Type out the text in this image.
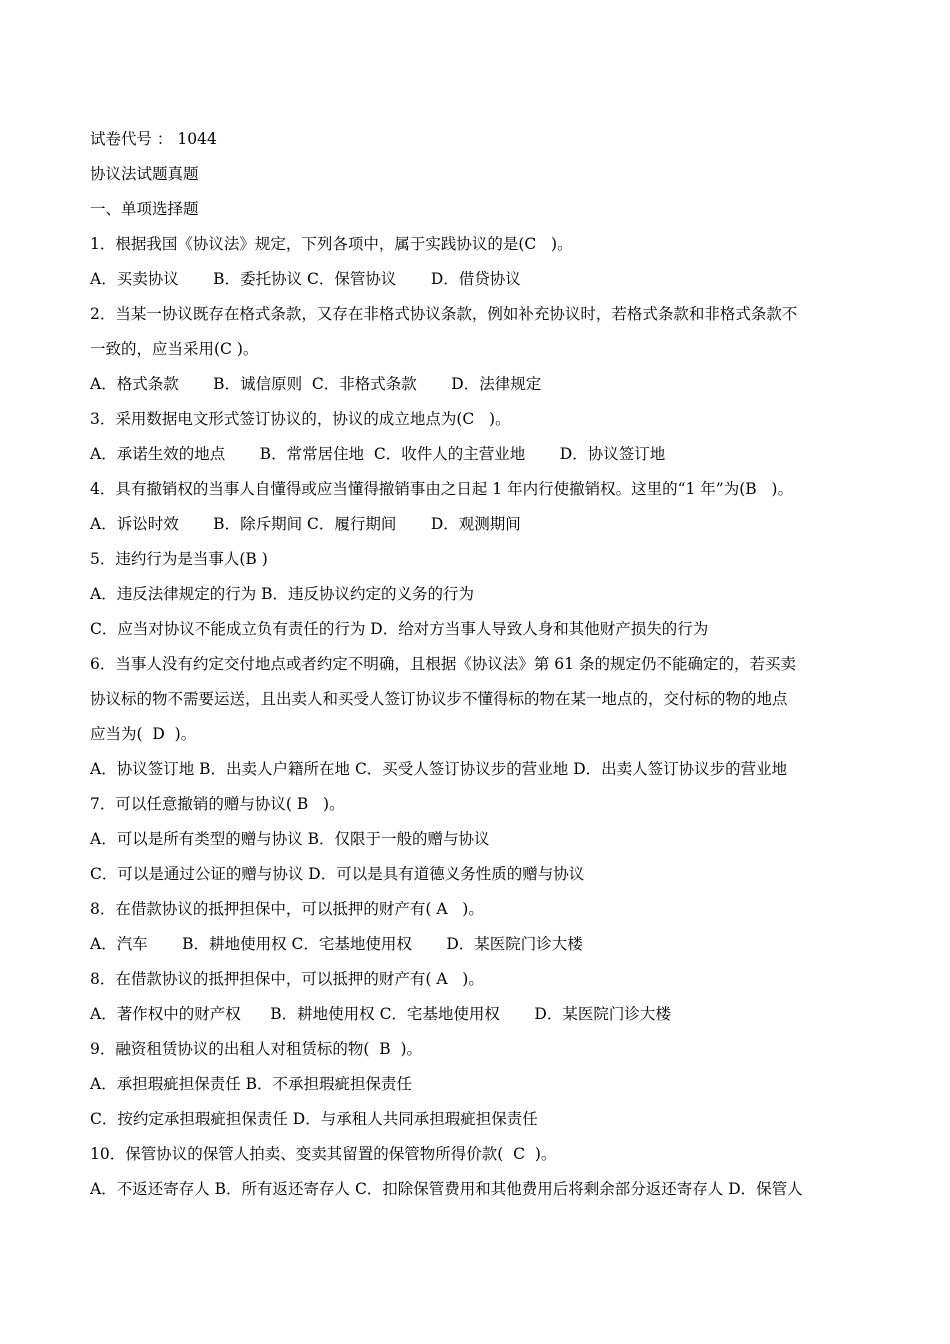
试卷代号 ： 1044
协议法试题真题
一、单项选择题
1．根据我国《协议法》规定，下列各项中，属于实践协议的是(C   )。
A．买卖协议       B．委托协议 C．保管协议       D．借贷协议
2．当某一协议既存在格式条款，又存在非格式协议条款，例如补充协议时，若格式条款和非格式条款不
一致的，应当采用(C )。
A．格式条款       B．诚信原则  C．非格式条款       D．法律规定
3．采用数据电文形式签订协议的，协议的成立地点为(C   )。
A．承诺生效的地点       B．常常居住地  C．收件人的主营业地       D．协议签订地
4．具有撤销权的当事人自懂得或应当懂得撤销事由之日起 1 年内行使撤销权。这里的“1 年”为(B   )。
A．诉讼时效       B．除斥期间 C．履行期间       D．观测期间
5．违约行为是当事人(B )
A．违反法律规定的行为 B．违反协议约定的义务的行为
C．应当对协议不能成立负有责任的行为 D．给对方当事人导致人身和其他财产损失的行为
6．当事人没有约定交付地点或者约定不明确，且根据《协议法》第 61 条的规定仍不能确定的，若买卖
协议标的物不需要运送，且出卖人和买受人签订协议步不懂得标的物在某一地点的，交付标的物的地点
应当为(  D  )。
A．协议签订地 B．出卖人户籍所在地 C．买受人签订协议步的营业地 D．出卖人签订协议步的营业地
7．可以任意撤销的赠与协议( B   )。
A．可以是所有类型的赠与协议 B．仅限于一般的赠与协议
C．可以是通过公证的赠与协议 D．可以是具有道德义务性质的赠与协议
8．在借款协议的抵押担保中，可以抵押的财产有( A   )。
A．汽车       B．耕地使用权 C．宅基地使用权       D．某医院门诊大楼
8．在借款协议的抵押担保中，可以抵押的财产有( A   )。
A．著作权中的财产权      B．耕地使用权 C．宅基地使用权       D．某医院门诊大楼
9．融资租赁协议的出租人对租赁标的物(  B  )。
A．承担瑕疵担保责任 B．不承担瑕疵担保责任
C．按约定承担瑕疵担保责任 D．与承租人共同承担瑕疵担保责任
10．保管协议的保管人拍卖、变卖其留置的保管物所得价款(  C  )。
A．不返还寄存人 B．所有返还寄存人 C．扣除保管费用和其他费用后将剩余部分返还寄存人 D．保管人
